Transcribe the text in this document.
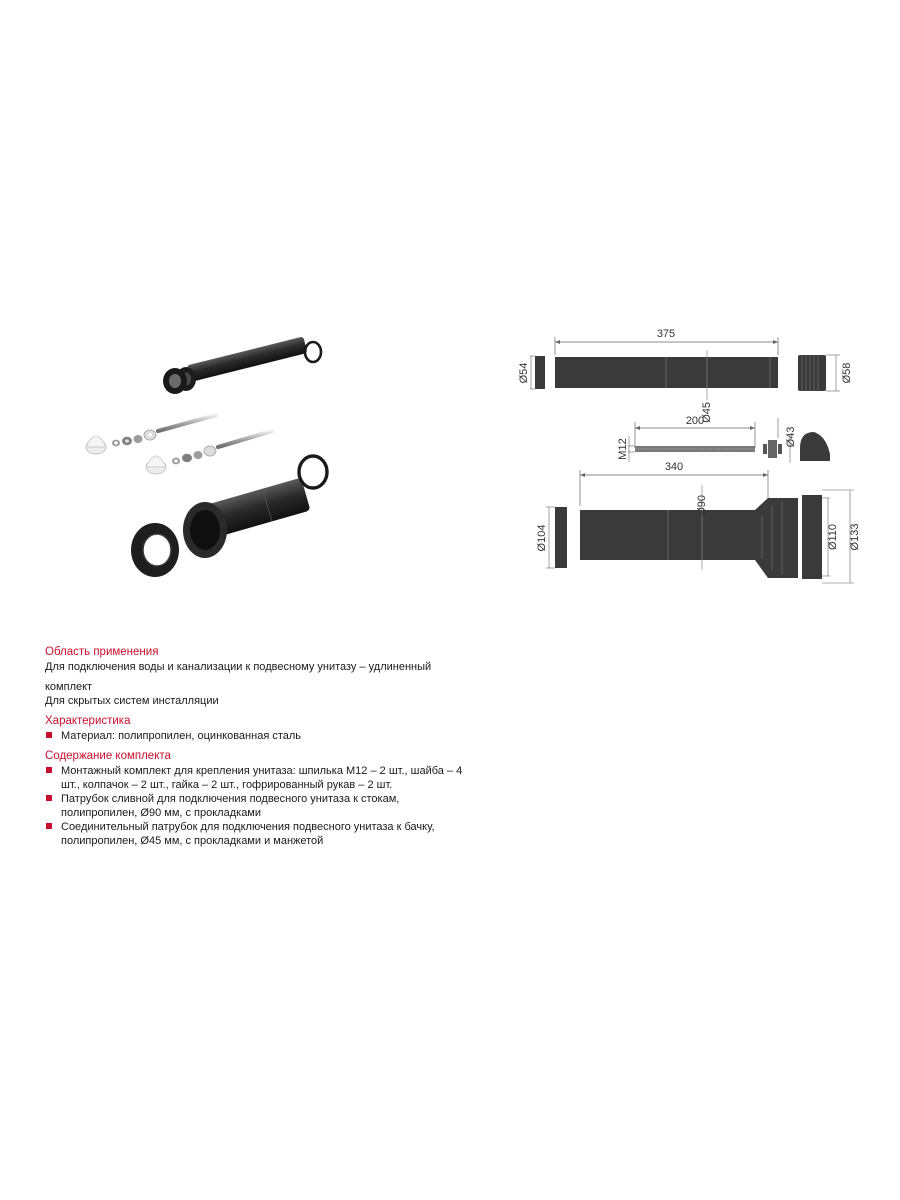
375
Ø54
Ø45
Ø58
200
M12
Ø43
340
Ø104
Ø90
Ø110 Ø133

Область применения

Для подключения воды и канализации к подвесному унитазу – удлиненный

комплект

Для скрытых систем инсталляции

Характеристика

Материал: полипропилен, оцинкованная сталь

Содержание комплекта

Монтажный комплект для крепления унитаза: шпилька М12 – 2 шт., шайба – 4 шт., колпачок – 2 шт., гайка – 2 шт., гофрированный рукав – 2 шт.
Патрубок сливной для подключения подвесного унитаза к стокам, полипропилен, Ø90 мм, с прокладками
Соединительный патрубок для подключения подвесного унитаза к бачку, полипропилен, Ø45 мм, с прокладками и манжетой
